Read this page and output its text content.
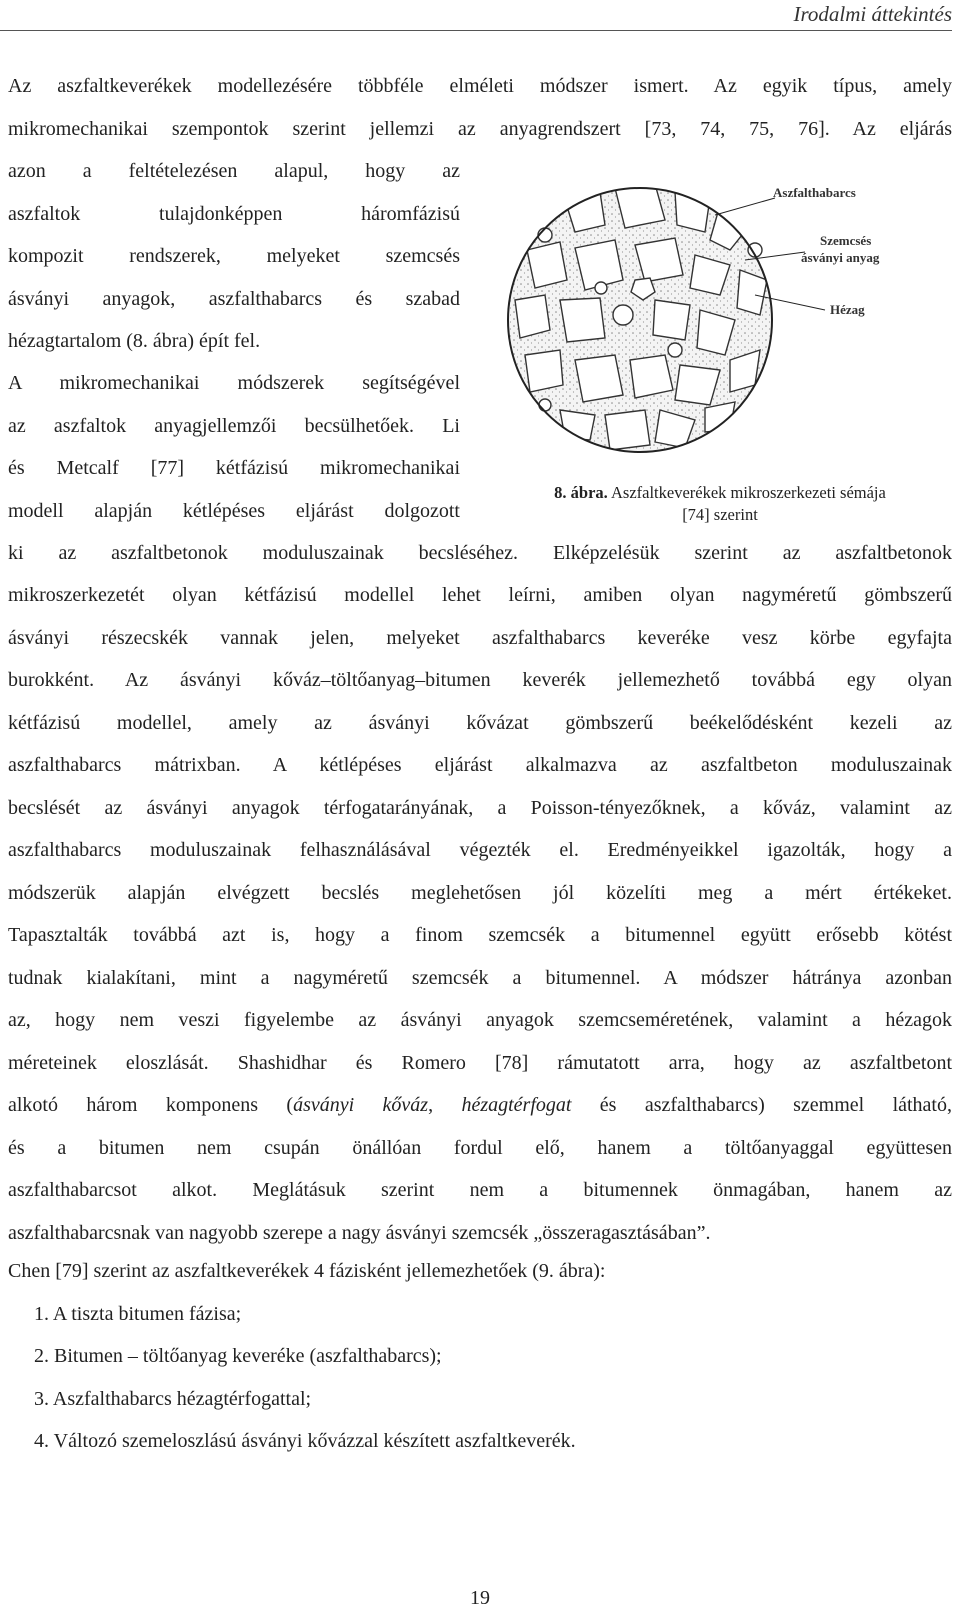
Irodalmi áttekintés
Az aszfaltkeverékek modellezésére többféle elméleti módszer ismert. Az egyik típus, amely
mikromechanikai szempontok szerint jellemzi az anyagrendszert [73, 74, 75, 76]. Az eljárás
azon a feltételezésen alapul, hogy az
aszfaltok tulajdonképpen háromfázisú
kompozit rendszerek, melyeket szemcsés
ásványi anyagok, aszfalthabarcs és szabad
hézagtartalom (8. ábra) épít fel.
A mikromechanikai módszerek segítségével
az aszfaltok anyagjellemzői becsülhetőek. Li
és Metcalf [77] kétfázisú mikromechanikai
modell alapján kétlépéses eljárást dolgozott
ki az aszfaltbetonok moduluszainak becsléséhez. Elképzelésük szerint az aszfaltbetonok
mikroszerkezetét olyan kétfázisú modellel lehet leírni, amiben olyan nagyméretű gömbszerű
ásványi részecskék vannak jelen, melyeket aszfalthabarcs keveréke vesz körbe egyfajta
burokként. Az ásványi kőváz–töltőanyag–bitumen keverék jellemezhető továbbá egy olyan
kétfázisú modellel, amely az ásványi kővázat gömbszerű beékelődésként kezeli az
aszfalthabarcs mátrixban. A kétlépéses eljárást alkalmazva az aszfaltbeton moduluszainak
becslését az ásványi anyagok térfogatarányának, a Poisson-tényezőknek, a kőváz, valamint az
aszfalthabarcs moduluszainak felhasználásával végezték el. Eredményeikkel igazolták, hogy a
módszerük alapján elvégzett becslés meglehetősen jól közelíti meg a mért értékeket.
Tapasztalták továbbá azt is, hogy a finom szemcsék a bitumennel együtt erősebb kötést
tudnak kialakítani, mint a nagyméretű szemcsék a bitumennel. A módszer hátránya azonban
az, hogy nem veszi figyelembe az ásványi anyagok szemcseméretének, valamint a hézagok
méreteinek eloszlását. Shashidhar és Romero [78] rámutatott arra, hogy az aszfaltbetont
alkotó három komponens (ásványi kőváz, hézagtérfogat és aszfalthabarcs) szemmel látható,
és a bitumen nem csupán önállóan fordul elő, hanem a töltőanyaggal együttesen
aszfalthabarcsot alkot. Meglátásuk szerint nem a bitumennek önmagában, hanem az
aszfalthabarcsnak van nagyobb szerepe a nagy ásványi szemcsék „összeragasztásában”.
Chen [79] szerint az aszfaltkeverékek 4 fázisként jellemezhetőek (9. ábra):
1. A tiszta bitumen fázisa;
2. Bitumen – töltőanyag keveréke (aszfalthabarcs);
3. Aszfalthabarcs hézagtérfogattal;
4. Változó szemeloszlású ásványi kővázzal készített aszfaltkeverék.
Aszfalthabarcs
Szemcsés
ásványi anyag
Hézag
8. ábra. Aszfaltkeverékek mikroszerkezeti sémája
[74] szerint
19
